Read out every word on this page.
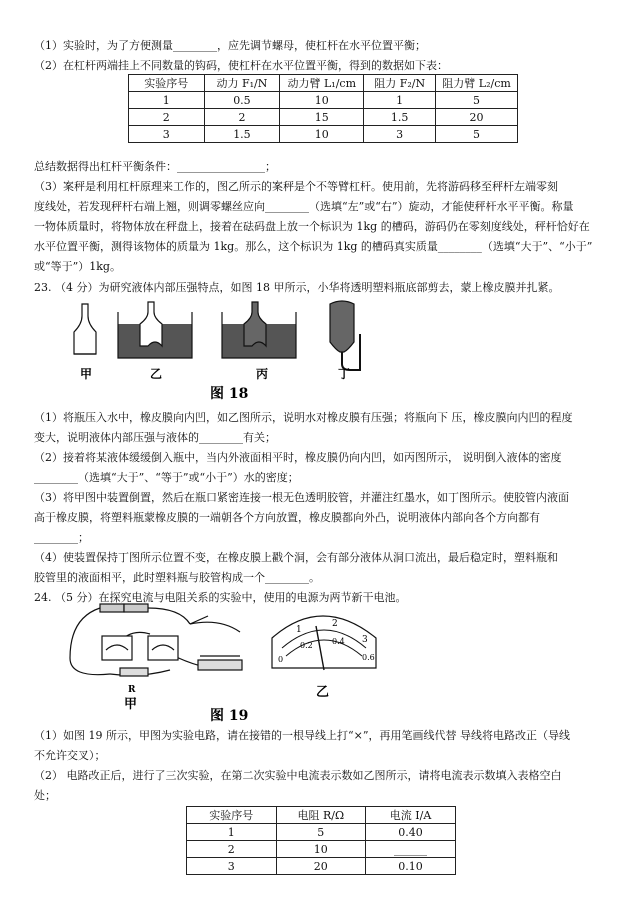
（1）实验时，为了方便测量________，应先调节螺母，使杠杆在水平位置平衡；
（2）在杠杆两端挂上不同数量的钩码，使杠杆在水平位置平衡，得到的数据如下表：
实验序号	动力 F₁/N	动力臂 L₁/cm	阻力 F₂/N	阻力臂 L₂/cm
1	0.5	10	1	5
2	2	15	1.5	20
3	1.5	10	3	5
总结数据得出杠杆平衡条件：________________；
（3）案秤是利用杠杆原理来工作的，图乙所示的案秤是个不等臂杠杆。使用前，先将游码移至秤杆左端零刻
度线处，若发现秤杆右端上翘，则调零螺丝应向________（选填“左”或“右”）旋动，才能使秤杆水平平衡。称量
一物体质量时，将物体放在秤盘上，接着在砝码盘上放一个标识为 1kg 的槽码，游码仍在零刻度线处，秤杆恰好在
水平位置平衡，测得该物体的质量为 1kg。那么，这个标识为 1kg 的槽码真实质量________（选填“大于”、“小于”
或“等于”）1kg。
23. （4 分）为研究液体内部压强特点，如图 18 甲所示，小华将透明塑料瓶底部剪去，蒙上橡皮膜并扎紧。
甲	乙	丙	丁
图 18
（1）将瓶压入水中，橡皮膜向内凹，如乙图所示，说明水对橡皮膜有压强；将瓶向下 压，橡皮膜向内凹的程度
变大，说明液体内部压强与液体的________有关；
（2）接着将某液体缓缓倒入瓶中，当内外液面相平时，橡皮膜仍向内凹，如丙图所示， 说明倒入液体的密度
________（选填“大于”、“等于”或“小于”）水的密度；
（3）将甲图中装置倒置，然后在瓶口紧密连接一根无色透明胶管，并灌注红墨水，如丁图所示。使胶管内液面
高于橡皮膜，将塑料瓶蒙橡皮膜的一端朝各个方向放置，橡皮膜都向外凸，说明液体内部向各个方向都有
________；
（4）使装置保持丁图所示位置不变，在橡皮膜上戳个洞，会有部分液体从洞口流出，最后稳定时，塑料瓶和
胶管里的液面相平，此时塑料瓶与胶管构成一个________。
24. （5 分）在探究电流与电阻关系的实验中，使用的电源为两节新干电池。
R
甲
1
2
3
0
0.2 0.4
0.6
乙
图 19
（1）如图 19 所示，甲图为实验电路，请在接错的一根导线上打“×”，再用笔画线代替 导线将电路改正（导线
不允许交叉）；
（2） 电路改正后，进行了三次实验，在第二次实验中电流表示数如乙图所示，请将电流表示数填入表格空白
处；
实验序号	电阻 R/Ω	电流 I/A
1	5	0.40
2	10	______
3	20	0.10
